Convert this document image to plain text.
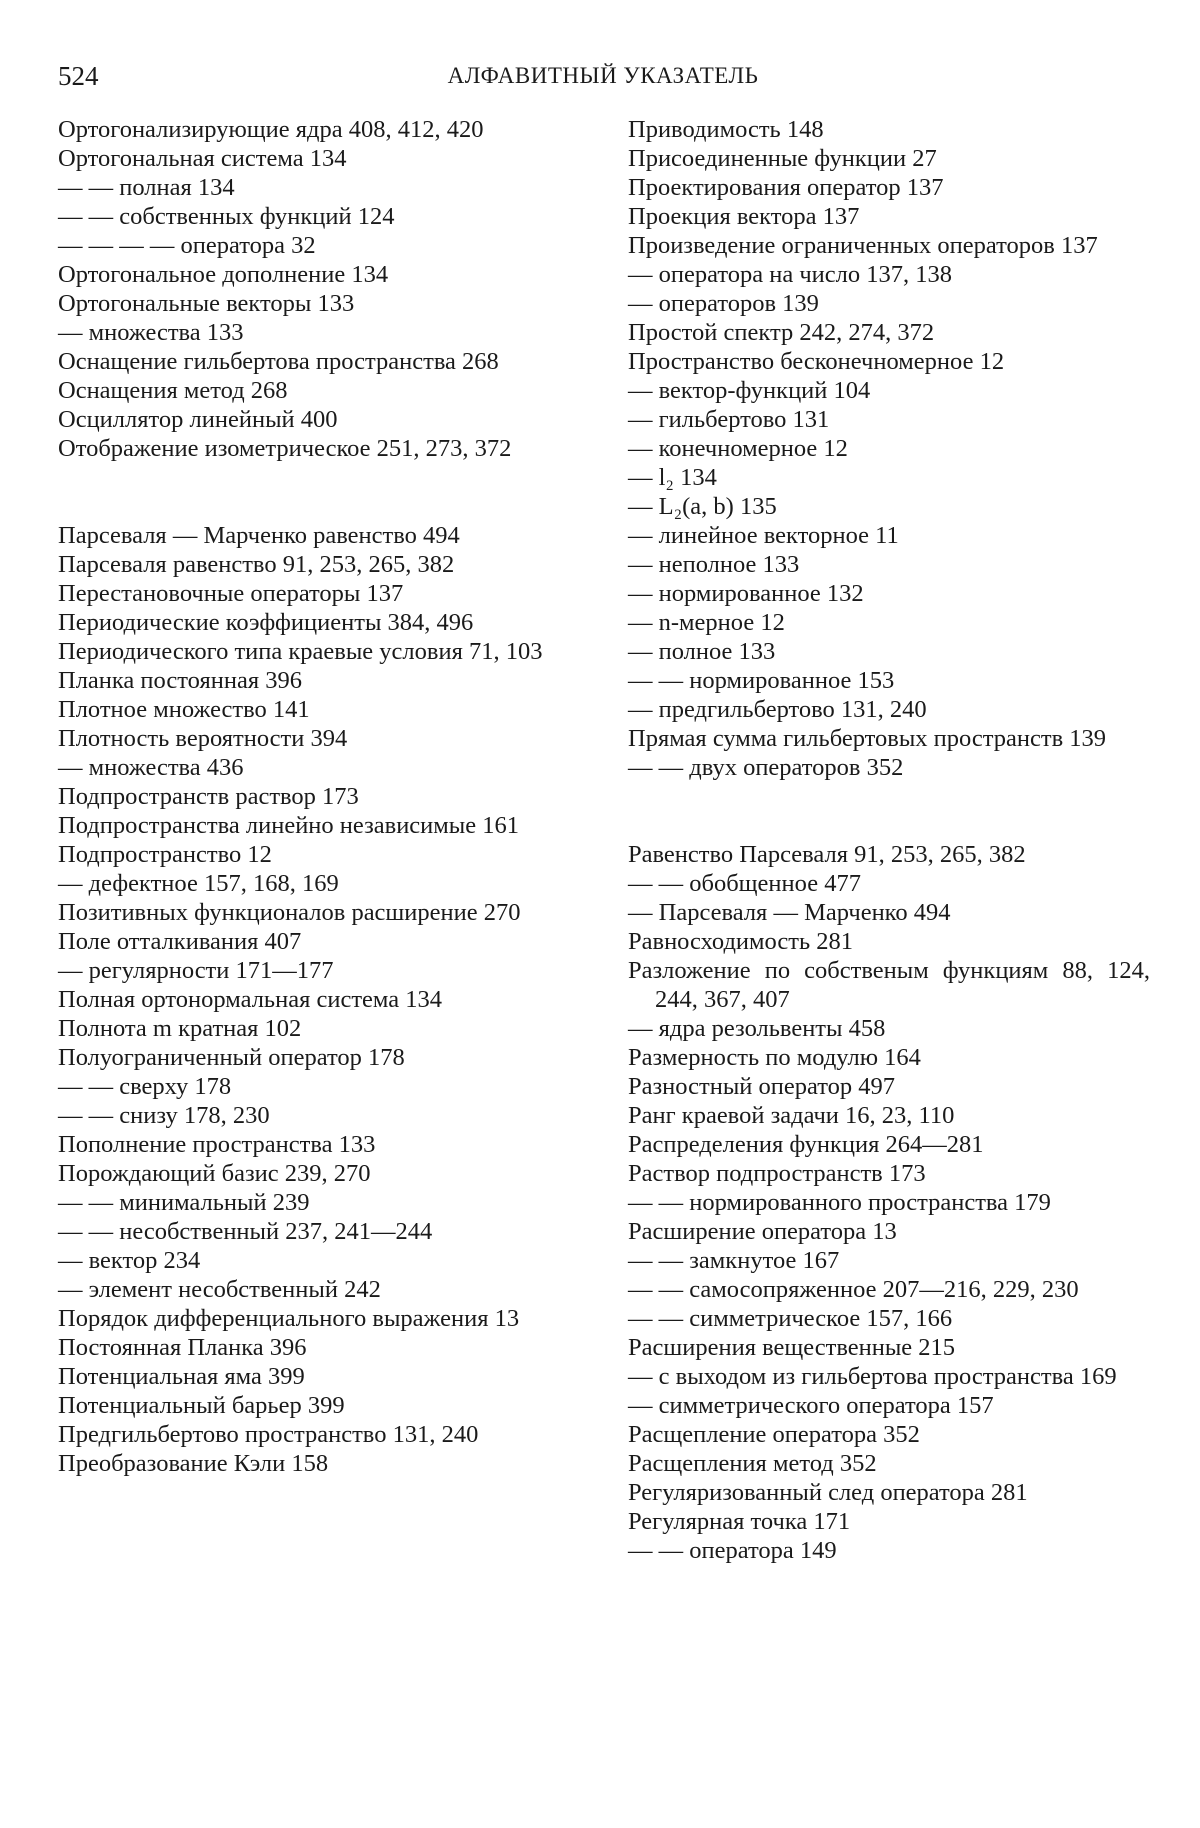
524	АЛФАВИТНЫЙ УКАЗАТЕЛЬ
Ортогонализирующие ядра 408, 412, 420
Ортогональная система 134
— — полная 134
— — собственных функций 124
— — — — оператора 32
Ортогональное дополнение 134
Ортогональные векторы 133
— множества 133
Оснащение гильбертова пространства 268
Оснащения метод 268
Осциллятор линейный 400
Отображение изометрическое 251, 273, 372
Парсеваля — Марченко равенство 494
Парсеваля равенство 91, 253, 265, 382
Перестановочные операторы 137
Периодические коэффициенты 384, 496
Периодического типа краевые условия 71, 103
Планка постоянная 396
Плотное множество 141
Плотность вероятности 394
— множества 436
Подпространств раствор 173
Подпространства линейно независимые 161
Подпространство 12
— дефектное 157, 168, 169
Позитивных функционалов расширение 270
Поле отталкивания 407
— регулярности 171—177
Полная ортонормальная система 134
Полнота m кратная 102
Полуограниченный оператор 178
— — сверху 178
— — снизу 178, 230
Пополнение пространства 133
Порождающий базис 239, 270
— — минимальный 239
— — несобственный 237, 241—244
— вектор 234
— элемент несобственный 242
Порядок дифференциального выражения 13
Постоянная Планка 396
Потенциальная яма 399
Потенциальный барьер 399
Предгильбертово пространство 131, 240
Преобразование Кэли 158
Приводимость 148
Присоединенные функции 27
Проектирования оператор 137
Проекция вектора 137
Произведение ограниченных операторов 137
— оператора на число 137, 138
— операторов 139
Простой спектр 242, 274, 372
Пространство бесконечномерное 12
— вектор-функций 104
— гильбертово 131
— конечномерное 12
— l₂ 134
— L₂(a, b) 135
— линейное векторное 11
— неполное 133
— нормированное 132
— n-мерное 12
— полное 133
— — нормированное 153
— предгильбертово 131, 240
Прямая сумма гильбертовых пространств 139
— — двух операторов 352
Равенство Парсеваля 91, 253, 265, 382
— — обобщенное 477
— Парсеваля — Марченко 494
Равносходимость 281
Разложение по собственым функциям 88, 124, 244, 367, 407
— ядра резольвенты 458
Размерность по модулю 164
Разностный оператор 497
Ранг краевой задачи 16, 23, 110
Распределения функция 264—281
Раствор подпространств 173
— — нормированного пространства 179
Расширение оператора 13
— — замкнутое 167
— — самосопряженное 207—216, 229, 230
— — симметрическое 157, 166
Расширения вещественные 215
— с выходом из гильбертова пространства 169
— симметрического оператора 157
Расщепление оператора 352
Расщепления метод 352
Регуляризованный след оператора 281
Регулярная точка 171
— — оператора 149
